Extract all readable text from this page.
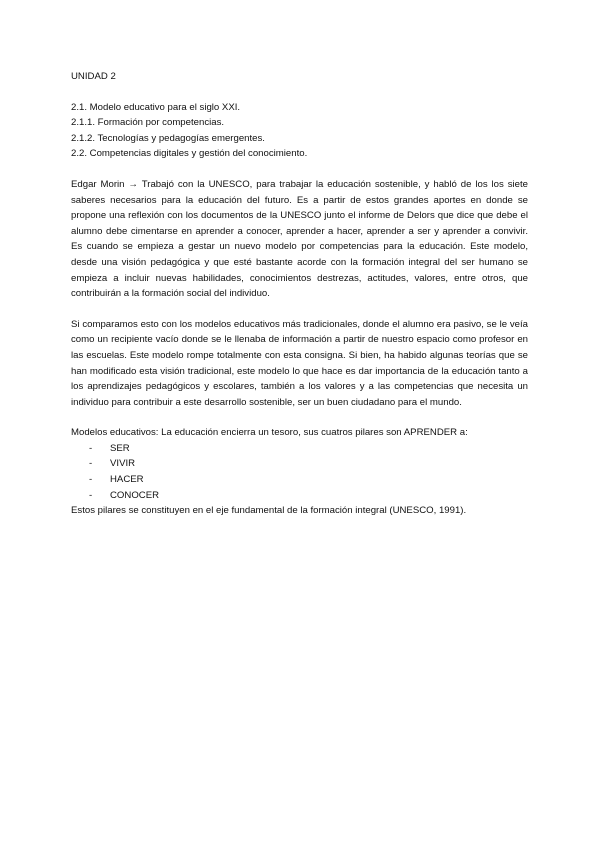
UNIDAD 2
2.1. Modelo educativo para el siglo XXI.
2.1.1. Formación por competencias.
2.1.2. Tecnologías y pedagogías emergentes.
2.2. Competencias digitales y gestión del conocimiento.

Edgar Morin → Trabajó con la UNESCO, para trabajar la educación sostenible, y habló de los los siete saberes necesarios para la educación del futuro. Es a partir de estos grandes aportes en donde se propone una reflexión con los documentos de la UNESCO junto el informe de Delors que dice que debe el alumno debe cimentarse en aprender a conocer, aprender a hacer, aprender a ser y aprender a convivir. Es cuando se empieza a gestar un nuevo modelo por competencias para la educación. Este modelo, desde una visión pedagógica y que esté bastante acorde con la formación integral del ser humano se empieza a incluir nuevas habilidades, conocimientos destrezas, actitudes, valores, entre otros, que contribuirán a la formación social del individuo.

Si comparamos esto con los modelos educativos más tradicionales, donde el alumno era pasivo, se le veía como un recipiente vacío donde se le llenaba de información a partir de nuestro espacio como profesor en las escuelas. Este modelo rompe totalmente con esta consigna. Si bien, ha habido algunas teorías que se han modificado esta visión tradicional, este modelo lo que hace es dar importancia de la educación tanto a los aprendizajes pedagógicos y escolares, también a los valores y a las competencias que necesita un individuo para contribuir a este desarrollo sostenible, ser un buen ciudadano para el mundo.

Modelos educativos: La educación encierra un tesoro, sus cuatros pilares son APRENDER a:
- SER
- VIVIR
- HACER
- CONOCER
Estos pilares se constituyen en el eje fundamental de la formación integral (UNESCO, 1991).
